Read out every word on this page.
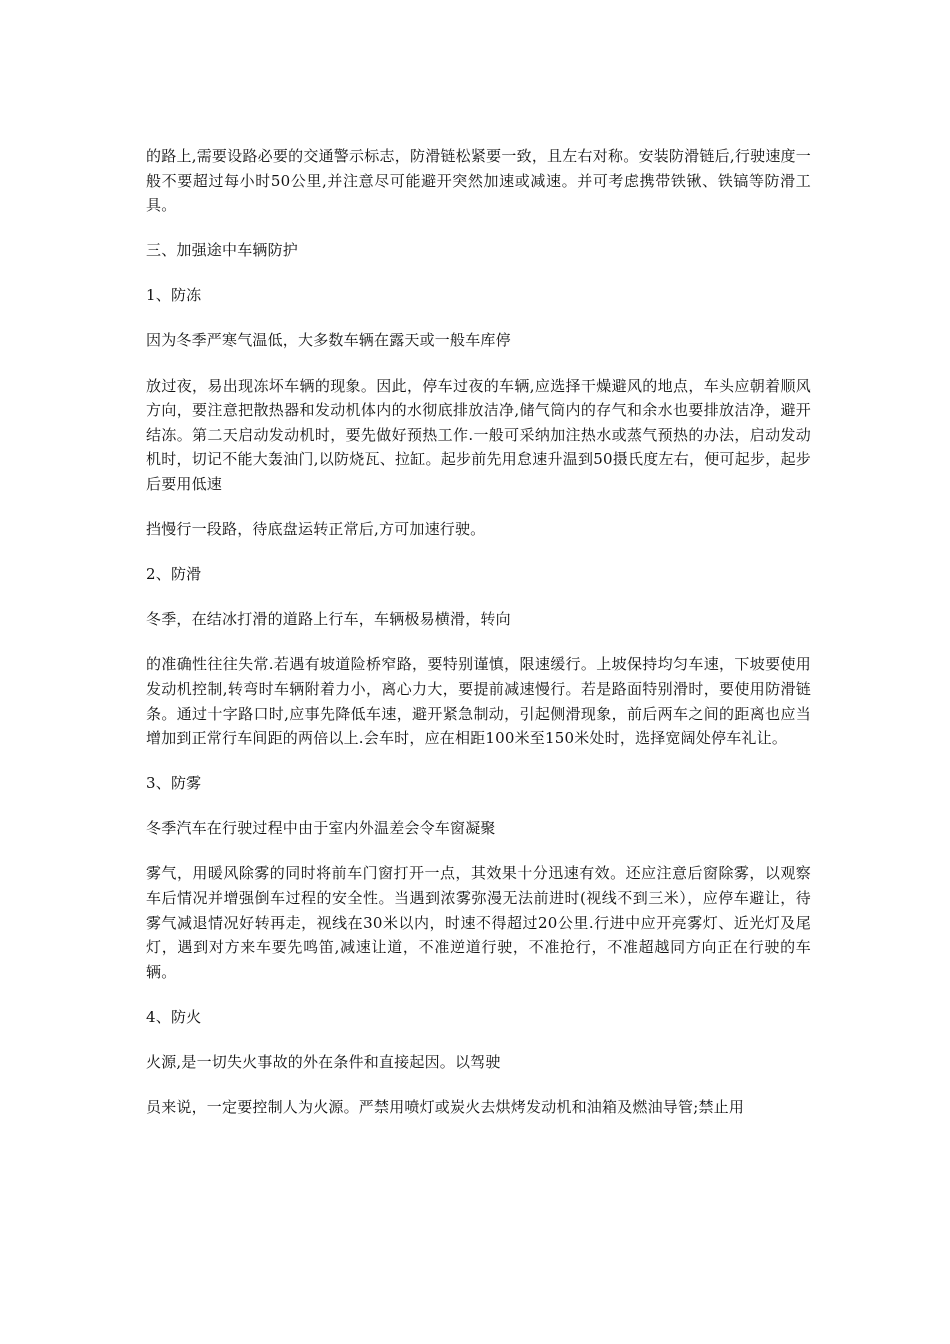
的路上,需要设路必要的交通警示标志，防滑链松紧要一致，且左右对称。安装防滑链后,行驶速度一般不要超过每小时50公里,并注意尽可能避开突然加速或减速。并可考虑携带铁锹、铁镐等防滑工具。

三、加强途中车辆防护

1、防冻

因为冬季严寒气温低，大多数车辆在露天或一般车库停

放过夜，易出现冻坏车辆的现象。因此，停车过夜的车辆,应选择干燥避风的地点，车头应朝着顺风方向，要注意把散热器和发动机体内的水彻底排放洁净,储气筒内的存气和余水也要排放洁净，避开结冻。第二天启动发动机时，要先做好预热工作.一般可采纳加注热水或蒸气预热的办法，启动发动机时，切记不能大轰油门,以防烧瓦、拉缸。起步前先用怠速升温到50摄氏度左右，便可起步，起步后要用低速

挡慢行一段路，待底盘运转正常后,方可加速行驶。

2、防滑

冬季，在结冰打滑的道路上行车，车辆极易横滑，转向

的准确性往往失常.若遇有坡道险桥窄路，要特别谨慎，限速缓行。上坡保持均匀车速，下坡要使用发动机控制,转弯时车辆附着力小，离心力大，要提前减速慢行。若是路面特别滑时，要使用防滑链条。通过十字路口时,应事先降低车速，避开紧急制动，引起侧滑现象，前后两车之间的距离也应当增加到正常行车间距的两倍以上.会车时，应在相距100米至150米处时，选择宽阔处停车礼让。

3、防雾

冬季汽车在行驶过程中由于室内外温差会令车窗凝聚

雾气，用暖风除雾的同时将前车门窗打开一点，其效果十分迅速有效。还应注意后窗除雾，以观察车后情况并增强倒车过程的安全性。当遇到浓雾弥漫无法前进时(视线不到三米），应停车避让，待雾气减退情况好转再走，视线在30米以内，时速不得超过20公里.行进中应开亮雾灯、近光灯及尾灯，遇到对方来车要先鸣笛,减速让道，不准逆道行驶，不准抢行，不准超越同方向正在行驶的车辆。

4、防火

火源,是一切失火事故的外在条件和直接起因。以驾驶

员来说，一定要控制人为火源。严禁用喷灯或炭火去烘烤发动机和油箱及燃油导管;禁止用
